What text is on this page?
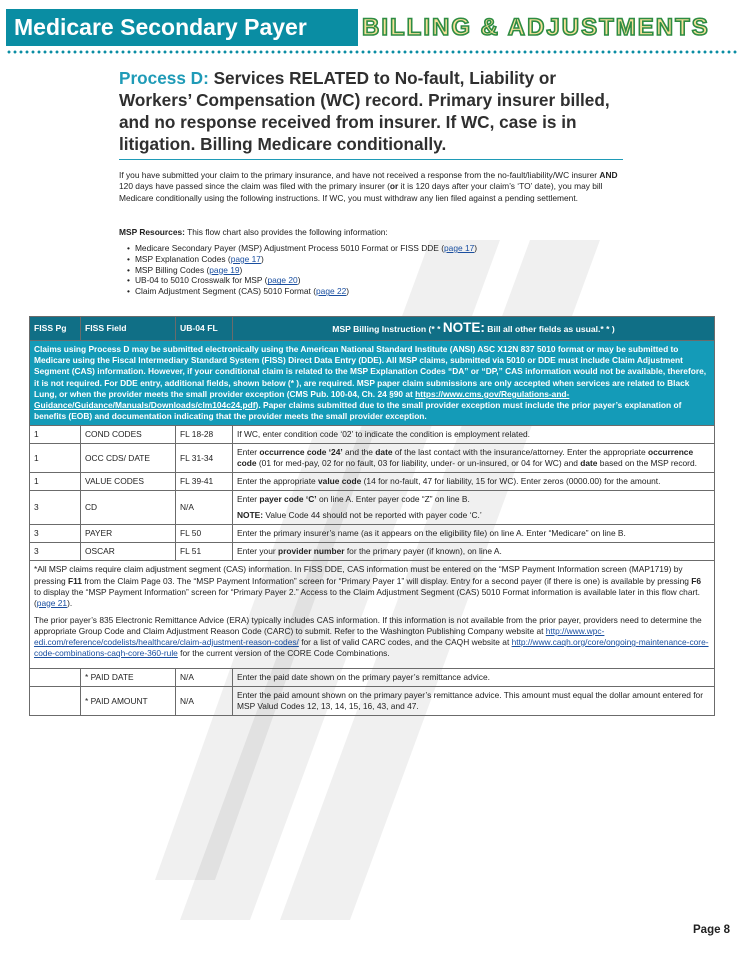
Medicare Secondary Payer	BILLING & ADJUSTMENTS
Process D: Services RELATED to No-fault, Liability or Workers’ Compensation (WC) record. Primary insurer billed, and no response received from insurer. If WC, case is in litigation. Billing Medicare conditionally.
If you have submitted your claim to the primary insurance, and have not received a response from the no-fault/liability/WC insurer AND 120 days have passed since the claim was filed with the primary insurer (or it is 120 days after your claim’s ‘TO’ date), you may bill Medicare conditionally using the following instructions. If WC, you must withdraw any lien filed against a pending settlement.
MSP Resources: This flow chart also provides the following information:
• Medicare Secondary Payer (MSP) Adjustment Process 5010 Format or FISS DDE (page 17)
• MSP Explanation Codes (page 17)
• MSP Billing Codes (page 19)
• UB-04 to 5010 Crosswalk for MSP (page 20)
• Claim Adjustment Segment (CAS) 5010 Format (page 22)
FISS Pg	FISS Field	UB-04 FL	MSP Billing Instruction (* * NOTE: Bill all other fields as usual.* * )
Claims using Process D may be submitted electronically using the American National Standard Institute (ANSI) ASC X12N 837 5010 format or may be submitted to Medicare using the Fiscal Intermediary Standard System (FISS) Direct Data Entry (DDE). All MSP claims, submitted via 5010 or DDE must include Claim Adjustment Segment (CAS) information. However, if your conditional claim is related to the MSP Explanation Codes “DA” or “DP,” CAS information would not be available, therefore, it is not required. For DDE entry, additional fields, shown below (* ), are required. MSP paper claim submissions are only accepted when services are related to Black Lung, or when the provider meets the small provider exception (CMS Pub. 100-04, Ch. 24 §90 at https://www.cms.gov/Regulations-and-Guidance/Guidance/Manuals/Downloads/clm104c24.pdf). Paper claims submitted due to the small provider exception must include the prior payer’s explanation of benefits (EOB) and documentation indicating that the provider meets the small provider exception.			
1	COND CODES	FL 18-28	If WC, enter condition code ‘02’ to indicate the condition is employment related.

1	OCC CDS/ DATE	FL 31-34	Enter occurrence code ‘24’ and the date of the last contact with the insurance/attorney. Enter the appropriate occurrence code (01 for med-pay, 02 for no fault, 03 for liability, under- or un-insured, or 04 for WC) and date based on the MSP record.

1	VALUE CODES	FL 39-41	Enter the appropriate value code (14 for no-fault, 47 for liability, 15 for WC). Enter zeros (0000.00) for the amount.

3	CD	N/A	Enter payer code ‘C’ on line A. Enter payer code “Z” on line B.
NOTE: Value Code 44 should not be reported with payer code ‘C.’

3	PAYER	FL 50	Enter the primary insurer’s name (as it appears on the eligibility file) on line A. Enter “Medicare” on line B.

3	OSCAR	FL 51	Enter your provider number for the primary payer (if known), on line A.

*All MSP claims require claim adjustment segment (CAS) information. In FISS DDE, CAS information must be entered on the “MSP Payment Information screen (MAP1719) by pressing F11 from the Claim Page 03. The “MSP Payment Information” screen for “Primary Payer 1” will display. Entry for a second payer (if there is one) is available by pressing F6 to display the “MSP Payment Information” screen for “Primary Payer 2.” Access to the Claim Adjustment Segment (CAS) 5010 Format information is available later in this flow chart. (page 21).

The prior payer’s 835 Electronic Remittance Advice (ERA) typically includes CAS information. If this information is not available from the prior payer, providers need to determine the appropriate Group Code and Claim Adjustment Reason Code (CARC) to submit. Refer to the Washington Publishing Company website at http://www.wpc-edi.com/reference/codelists/healthcare/claim-adjustment-reason-codes/ for a list of valid CARC codes, and the CAQH website at http://www.caqh.org/core/ongoing-maintenance-core-code-combinations-caqh-core-360-rule for the current version of the CORE Code Combinations.			

	* PAID DATE	N/A	Enter the paid date shown on the primary payer’s remittance advice.
	* PAID AMOUNT	N/A	Enter the paid amount shown on the primary payer’s remittance advice. This amount must equal the dollar amount entered for MSP Valud Codes 12, 13, 14, 15, 16, 43, and 47.
Page 8
